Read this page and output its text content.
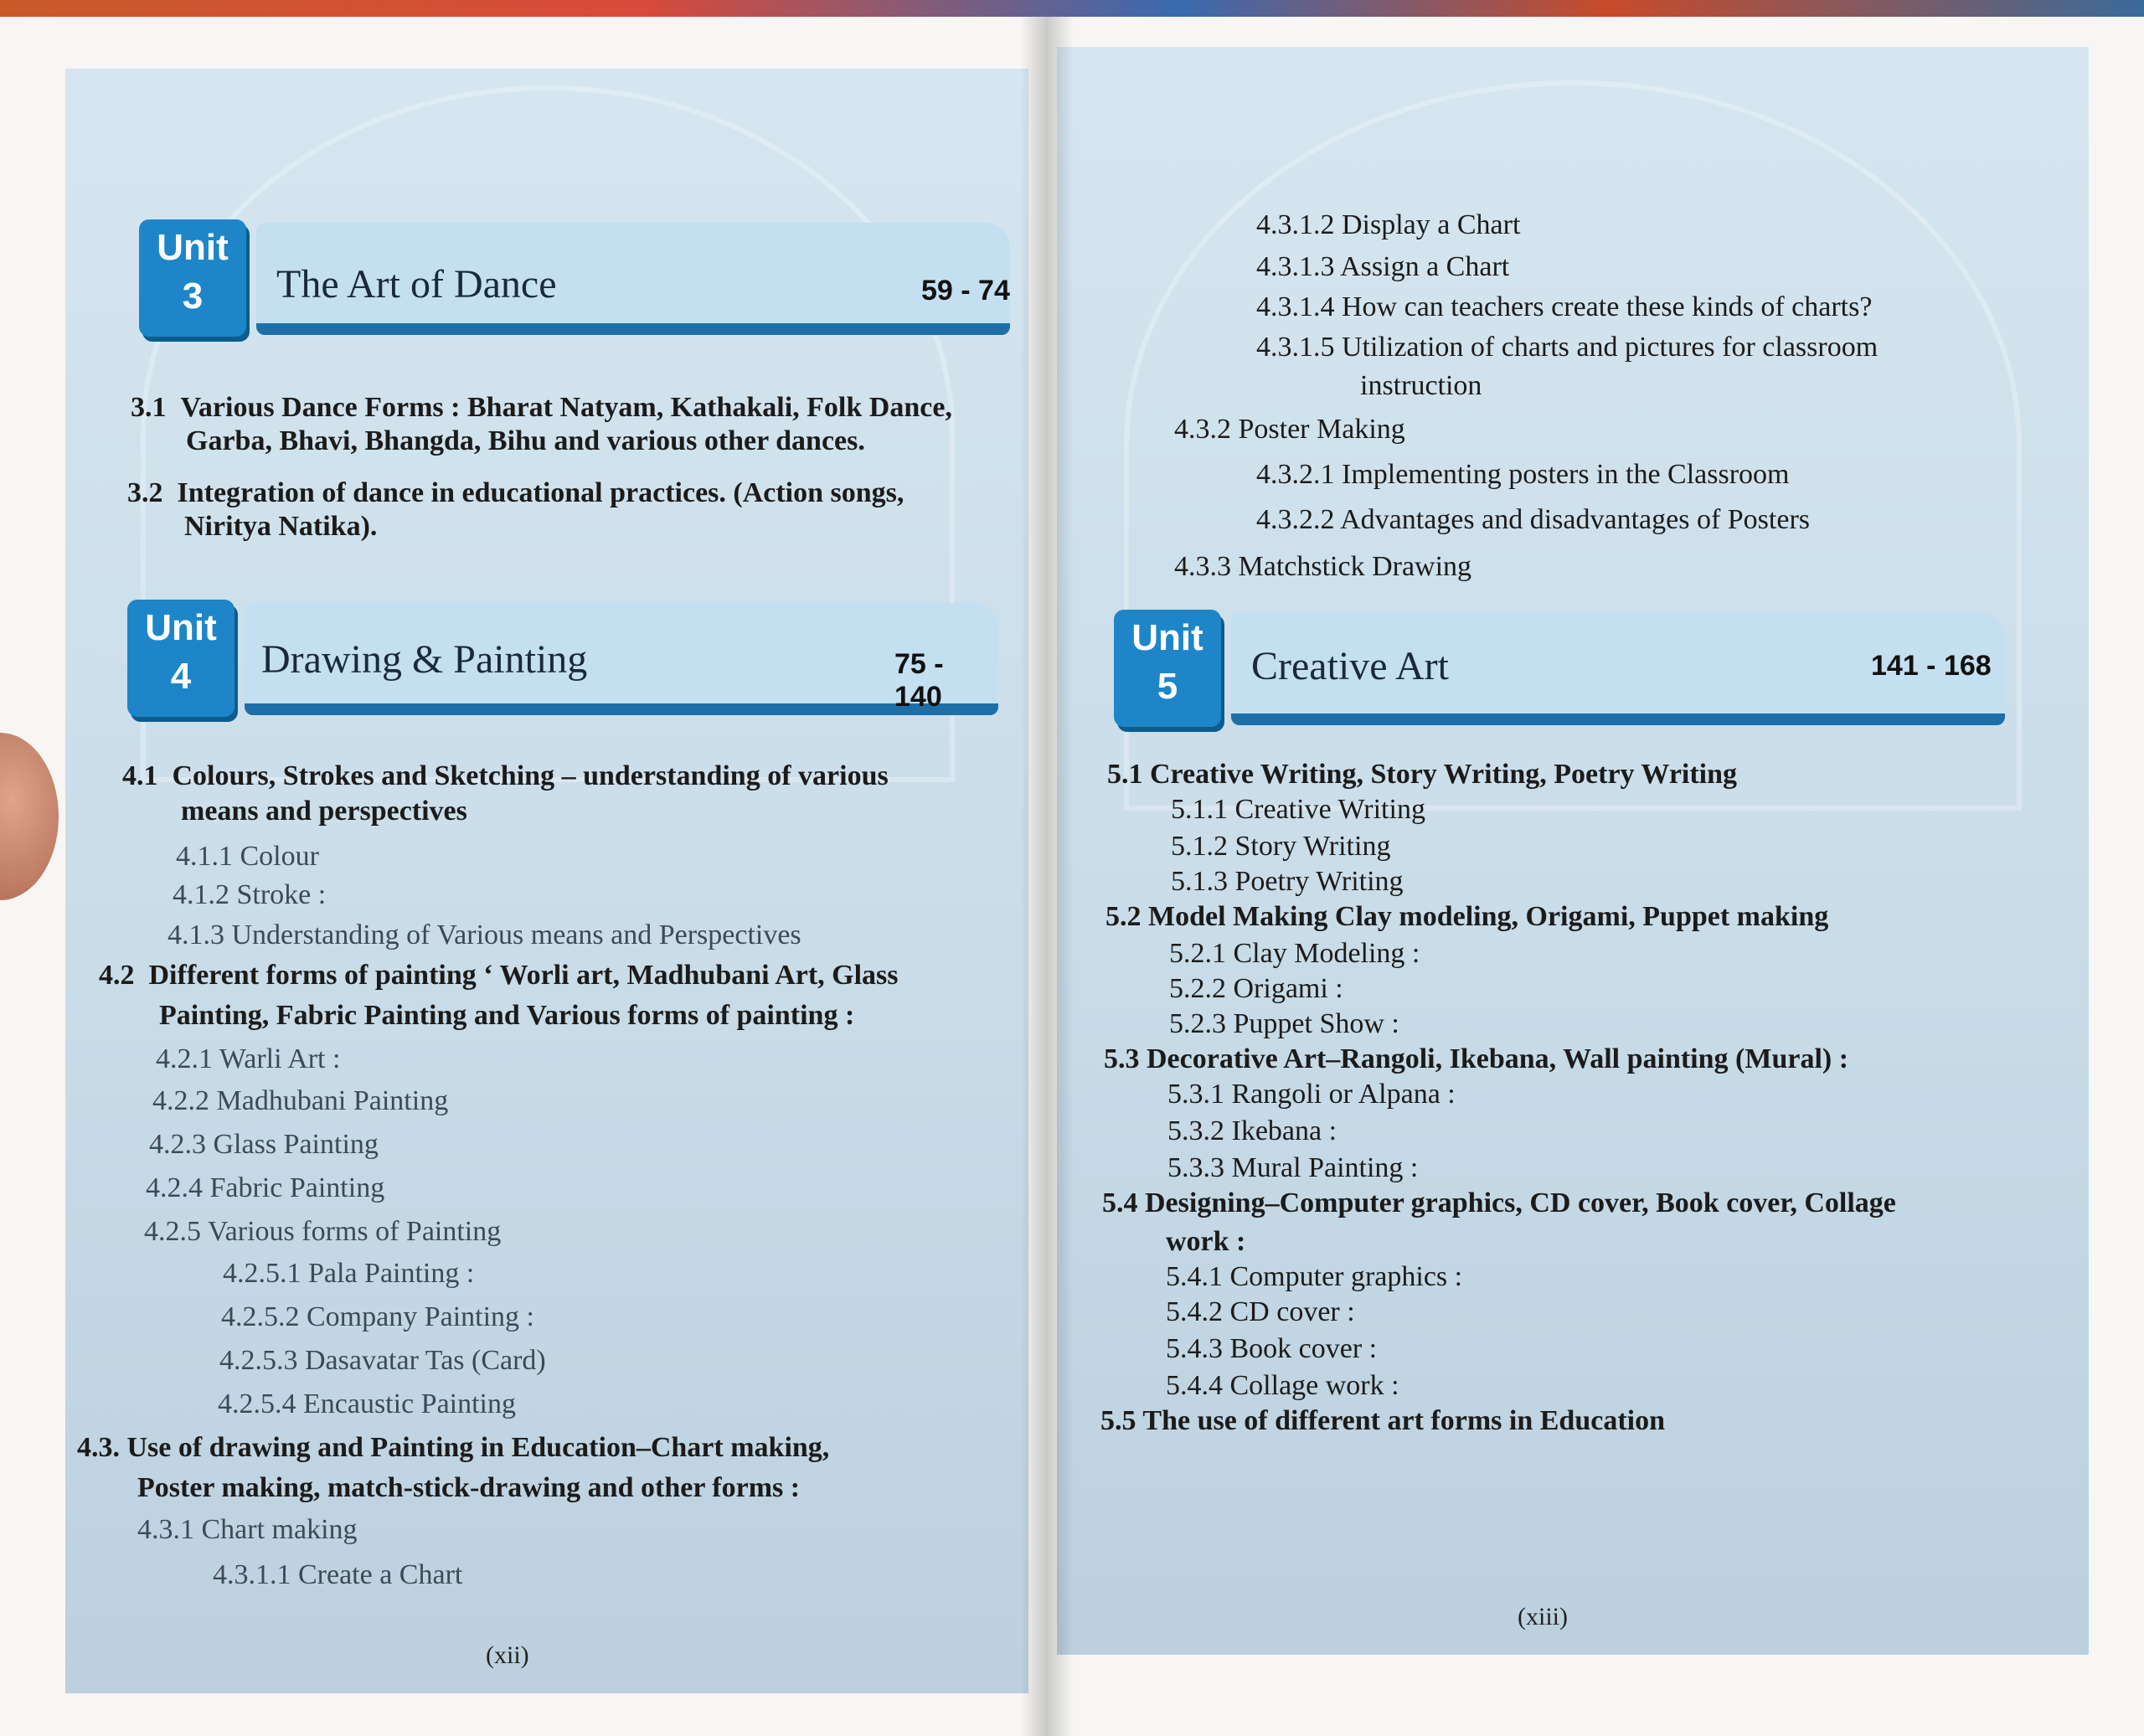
Unit
3	The Art of Dance	59 - 74
3.1 Various Dance Forms : Bharat Natyam, Kathakali, Folk Dance,
Garba, Bhavi, Bhangda, Bihu and various other dances.
3.2 Integration of dance in educational practices. (Action songs,
Niritya Natika).
Unit
4	Drawing & Painting	75 - 140
4.1 Colours, Strokes and Sketching – understanding of various
means and perspectives
4.1.1 Colour
4.1.2 Stroke :
4.1.3 Understanding of Various means and Perspectives
4.2 Different forms of painting ‘ Worli art, Madhubani Art, Glass
Painting, Fabric Painting and Various forms of painting :
4.2.1 Warli Art :
4.2.2 Madhubani Painting
4.2.3 Glass Painting
4.2.4 Fabric Painting
4.2.5 Various forms of Painting
4.2.5.1 Pala Painting :
4.2.5.2 Company Painting :
4.2.5.3 Dasavatar Tas (Card)
4.2.5.4 Encaustic Painting
4.3. Use of drawing and Painting in Education–Chart making,
Poster making, match-stick-drawing and other forms :
4.3.1 Chart making
4.3.1.1 Create a Chart
(xii)
4.3.1.2 Display a Chart
4.3.1.3 Assign a Chart
4.3.1.4 How can teachers create these kinds of charts?
4.3.1.5 Utilization of charts and pictures for classroom
instruction
4.3.2 Poster Making
4.3.2.1 Implementing posters in the Classroom
4.3.2.2 Advantages and disadvantages of Posters
4.3.3 Matchstick Drawing
Unit
5	Creative Art	141 - 168
5.1 Creative Writing, Story Writing, Poetry Writing
5.1.1 Creative Writing
5.1.2 Story Writing
5.1.3 Poetry Writing
5.2 Model Making Clay modeling, Origami, Puppet making
5.2.1 Clay Modeling :
5.2.2 Origami :
5.2.3 Puppet Show :
5.3 Decorative Art–Rangoli, Ikebana, Wall painting (Mural) :
5.3.1 Rangoli or Alpana :
5.3.2 Ikebana :
5.3.3 Mural Painting :
5.4 Designing–Computer graphics, CD cover, Book cover, Collage
work :
5.4.1 Computer graphics :
5.4.2 CD cover :
5.4.3 Book cover :
5.4.4 Collage work :
5.5 The use of different art forms in Education
(xiii)
